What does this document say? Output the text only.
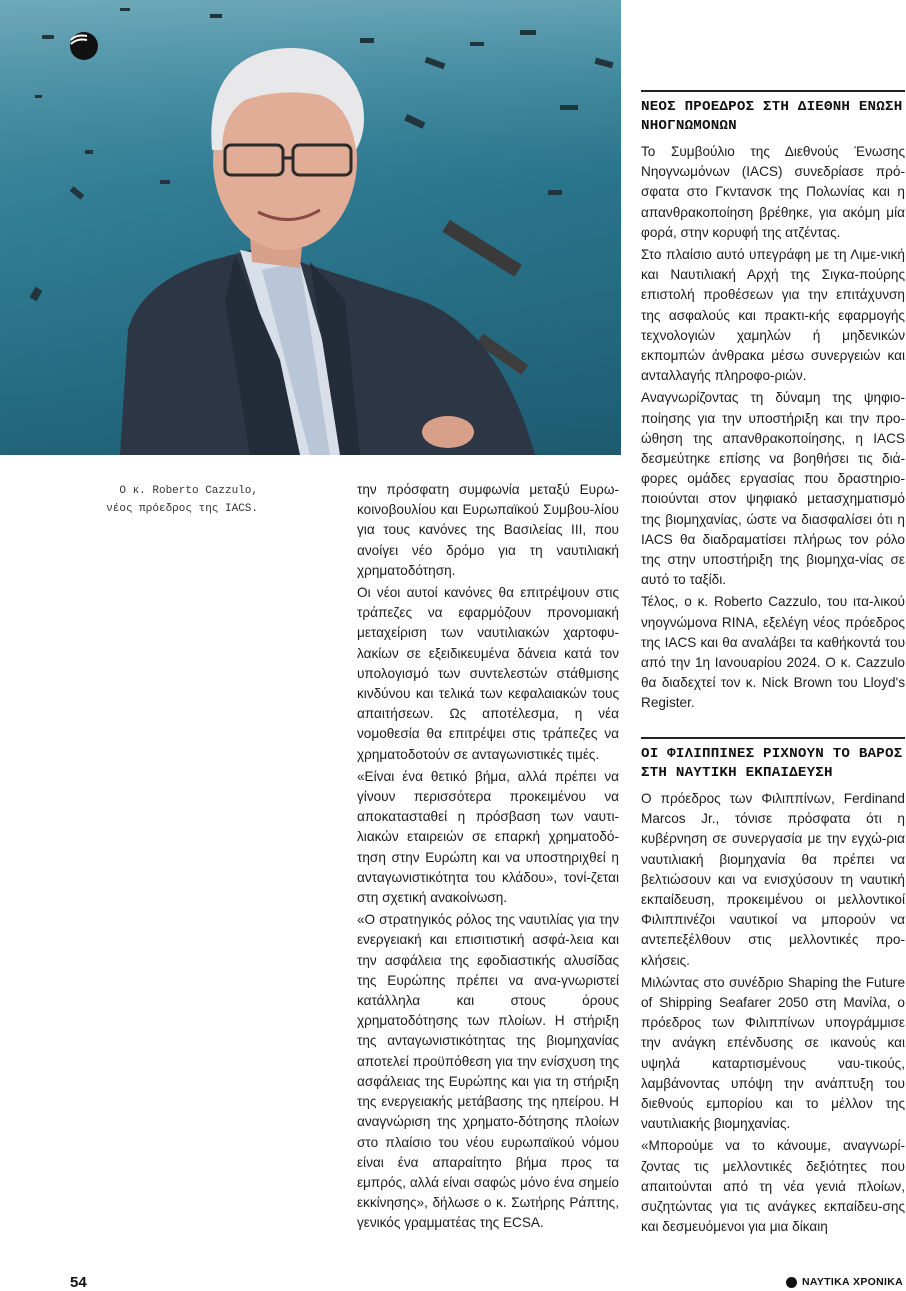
Ο κ. Roberto Cazzulo,
νέος πρόεδρος της IACS.

την πρόσφατη συμφωνία μεταξύ Ευρω-κοινοβουλίου και Ευρωπαϊκού Συμβου-λίου για τους κανόνες της Βασιλείας ΙΙΙ, που ανοίγει νέο δρόμο για τη ναυτιλιακή χρηματοδότηση.

Οι νέοι αυτοί κανόνες θα επιτρέψουν στις τράπεζες να εφαρμόζουν προνομιακή μεταχείριση των ναυτιλιακών χαρτοφυ-λακίων σε εξειδικευμένα δάνεια κατά τον υπολογισμό των συντελεστών στάθμισης κινδύνου και τελικά των κεφαλαιακών τους απαιτήσεων. Ως αποτέλεσμα, η νέα νομοθεσία θα επιτρέψει στις τράπεζες να χρηματοδοτούν σε ανταγωνιστικές τιμές.

«Είναι ένα θετικό βήμα, αλλά πρέπει να γίνουν περισσότερα προκειμένου να αποκατασταθεί η πρόσβαση των ναυτι-λιακών εταιρειών σε επαρκή χρηματοδό-τηση στην Ευρώπη και να υποστηριχθεί η ανταγωνιστικότητα του κλάδου», τονί-ζεται στη σχετική ανακοίνωση.

«Ο στρατηγικός ρόλος της ναυτιλίας για την ενεργειακή και επισιτιστική ασφά-λεια και την ασφάλεια της εφοδιαστικής αλυσίδας της Ευρώπης πρέπει να ανα-γνωριστεί κατάλληλα και στους όρους χρηματοδότησης των πλοίων. Η στήριξη της ανταγωνιστικότητας της βιομηχανίας αποτελεί προϋπόθεση για την ενίσχυση της ασφάλειας της Ευρώπης και για τη στήριξη της ενεργειακής μετάβασης της ηπείρου. Η αναγνώριση της χρηματο-δότησης πλοίων στο πλαίσιο του νέου ευρωπαϊκού νόμου είναι ένα απαραίτητο βήμα προς τα εμπρός, αλλά είναι σαφώς μόνο ένα σημείο εκκίνησης», δήλωσε ο κ. Σωτήρης Ράπτης, γενικός γραμματέας της ECSA.

ΝΕΟΣ ΠΡΟΕΔΡΟΣ ΣΤΗ ΔΙΕΘΝΗ ΕΝΩΣΗ ΝΗΟΓΝΩΜΟΝΩΝ

Το Συμβούλιο της Διεθνούς Ένωσης Νηογνωμόνων (IACS) συνεδρίασε πρό-σφατα στο Γκντανσκ της Πολωνίας και η απανθρακοποίηση βρέθηκε, για ακόμη μία φορά, στην κορυφή της ατζέντας.

Στο πλαίσιο αυτό υπεγράφη με τη Λιμε-νική και Ναυτιλιακή Αρχή της Σιγκα-πούρης επιστολή προθέσεων για την επιτάχυνση της ασφαλούς και πρακτι-κής εφαρμογής τεχνολογιών χαμηλών ή μηδενικών εκπομπών άνθρακα μέσω συνεργειών και ανταλλαγής πληροφο-ριών.

Αναγνωρίζοντας τη δύναμη της ψηφιο-ποίησης για την υποστήριξη και την προ-ώθηση της απανθρακοποίησης, η IACS δεσμεύτηκε επίσης να βοηθήσει τις διά-φορες ομάδες εργασίας που δραστηριο-ποιούνται στον ψηφιακό μετασχηματισμό της βιομηχανίας, ώστε να διασφαλίσει ότι η IACS θα διαδραματίσει πλήρως τον ρόλο της στην υποστήριξη της βιομηχα-νίας σε αυτό το ταξίδι.

Τέλος, ο κ. Roberto Cazzulo, του ιτα-λικού νηογνώμονα RINA, εξελέγη νέος πρόεδρος της IACS και θα αναλάβει τα καθήκοντά του από την 1η Ιανουαρίου 2024. Ο κ. Cazzulo θα διαδεχτεί τον κ. Nick Brown του Lloyd's Register.

ΟΙ ΦΙΛΙΠΠΙΝΕΣ ΡΙΧΝΟΥΝ ΤΟ ΒΑΡΟΣ ΣΤΗ ΝΑΥΤΙΚΗ ΕΚΠΑΙΔΕΥΣΗ

Ο πρόεδρος των Φιλιππίνων, Ferdinand Marcos Jr., τόνισε πρόσφατα ότι η κυβέρνηση σε συνεργασία με την εγχώ-ρια ναυτιλιακή βιομηχανία θα πρέπει να βελτιώσουν και να ενισχύσουν τη ναυτική εκπαίδευση, προκειμένου οι μελλοντικοί Φιλιππινέζοι ναυτικοί να μπορούν να αντεπεξέλθουν στις μελλοντικές προ-κλήσεις.

Μιλώντας στο συνέδριο Shaping the Future of Shipping Seafarer 2050 στη Μανίλα, ο πρόεδρος των Φιλιππίνων υπογράμμισε την ανάγκη επένδυσης σε ικανούς και υψηλά καταρτισμένους ναυ-τικούς, λαμβάνοντας υπόψη την ανάπτυξη του διεθνούς εμπορίου και το μέλλον της ναυτιλιακής βιομηχανίας.

«Μπορούμε να το κάνουμε, αναγνωρί-ζοντας τις μελλοντικές δεξιότητες που απαιτούνται από τη νέα γενιά πλοίων, συζητώντας για τις ανάγκες εκπαίδευ-σης και δεσμευόμενοι για μια δίκαιη

54	ΝΑΥΤΙΚΑ ΧΡΟΝΙΚΑ
